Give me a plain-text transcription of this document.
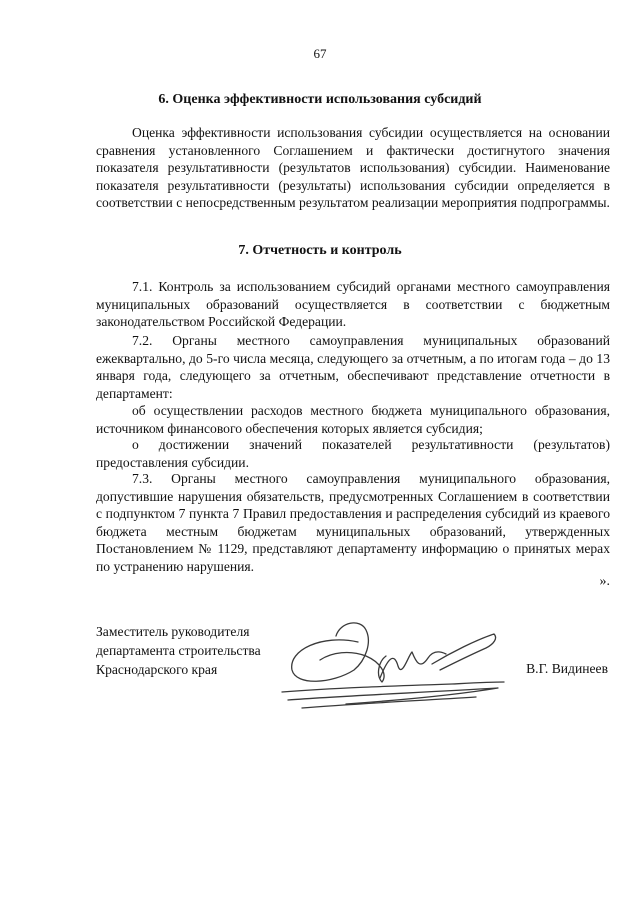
67
6. Оценка эффективности использования субсидий

Оценка эффективности использования субсидии осуществляется на основании сравнения установленного Соглашением и фактически достигнутого значения показателя результативности (результатов использования) субсидии. Наименование показателя результативности (результаты) использования субсидии определяется в соответствии с непосредственным результатом реализации мероприятия подпрограммы.

7. Отчетность и контроль

7.1. Контроль за использованием субсидий органами местного самоуправления муниципальных образований осуществляется в соответствии с бюджетным законодательством Российской Федерации.

7.2. Органы местного самоуправления муниципальных образований ежеквартально, до 5-го числа месяца, следующего за отчетным, а по итогам года – до 13 января года, следующего за отчетным, обеспечивают представление отчетности в департамент:

об осуществлении расходов местного бюджета муниципального образования, источником финансового обеспечения которых является субсидия;

о достижении значений показателей результативности (результатов) предоставления субсидии.

7.3. Органы местного самоуправления муниципального образования, допустившие нарушения обязательств, предусмотренных Соглашением в соответствии с подпунктом 7 пункта 7 Правил предоставления и распределения субсидий из краевого бюджета местным бюджетам муниципальных образований, утвержденных Постановлением № 1129, представляют департаменту информацию о принятых мерах по устранению нарушения.

».
Заместитель руководителя
департамента строительства
Краснодарского края	В.Г. Видинеев
